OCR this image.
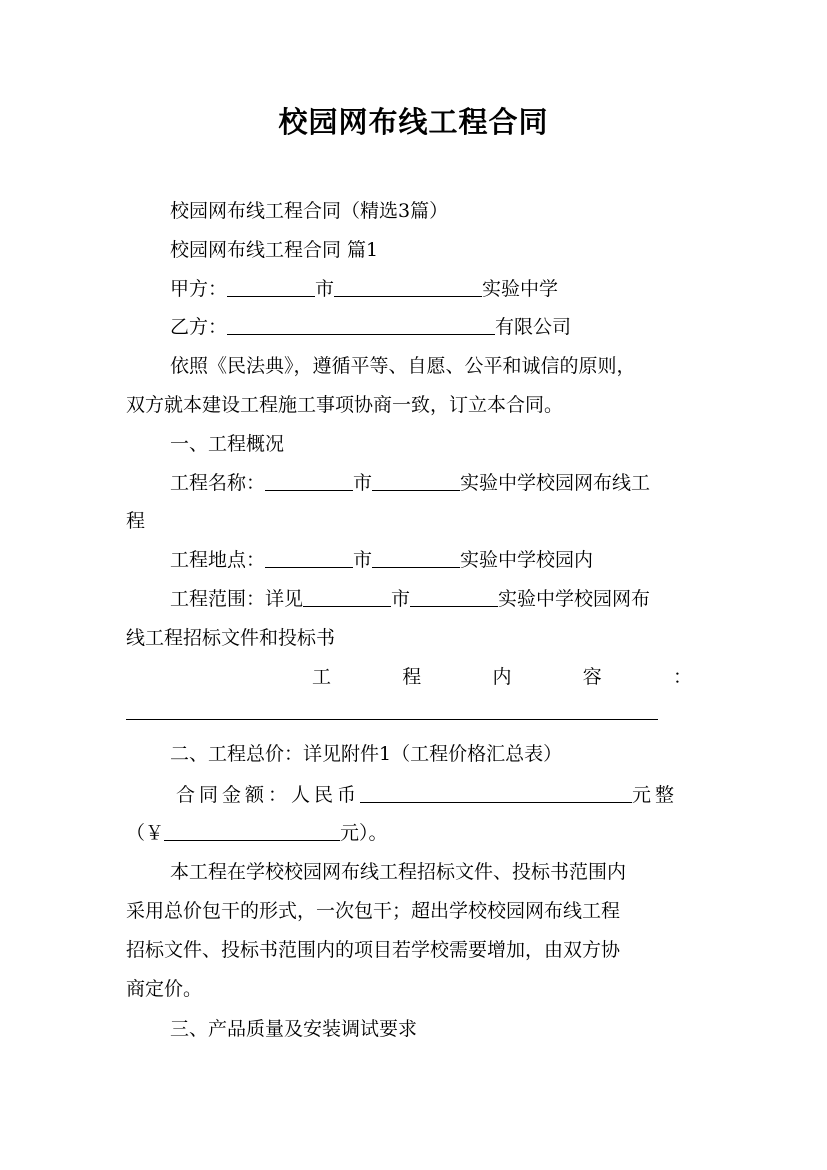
校园网布线工程合同
校园网布线工程合同（精选3篇）
校园网布线工程合同 篇1
甲方：	市	实验中学
乙方：	有限公司
依照《民法典》，遵循平等、自愿、公平和诚信的原则，
双方就本建设工程施工事项协商一致，订立本合同。
一、工程概况
工程名称：	市	实验中学校园网布线工
程
工程地点：	市	实验中学校园内
工程范围：详见	市	实验中学校园网布
线工程招标文件和投标书
工	程	内	容	：
二、工程总价：详见附件1（工程价格汇总表）
合同金额：人民币	元整
（￥	元）。
本工程在学校校园网布线工程招标文件、投标书范围内
采用总价包干的形式，一次包干；超出学校校园网布线工程
招标文件、投标书范围内的项目若学校需要增加，由双方协
商定价。
三、产品质量及安装调试要求
